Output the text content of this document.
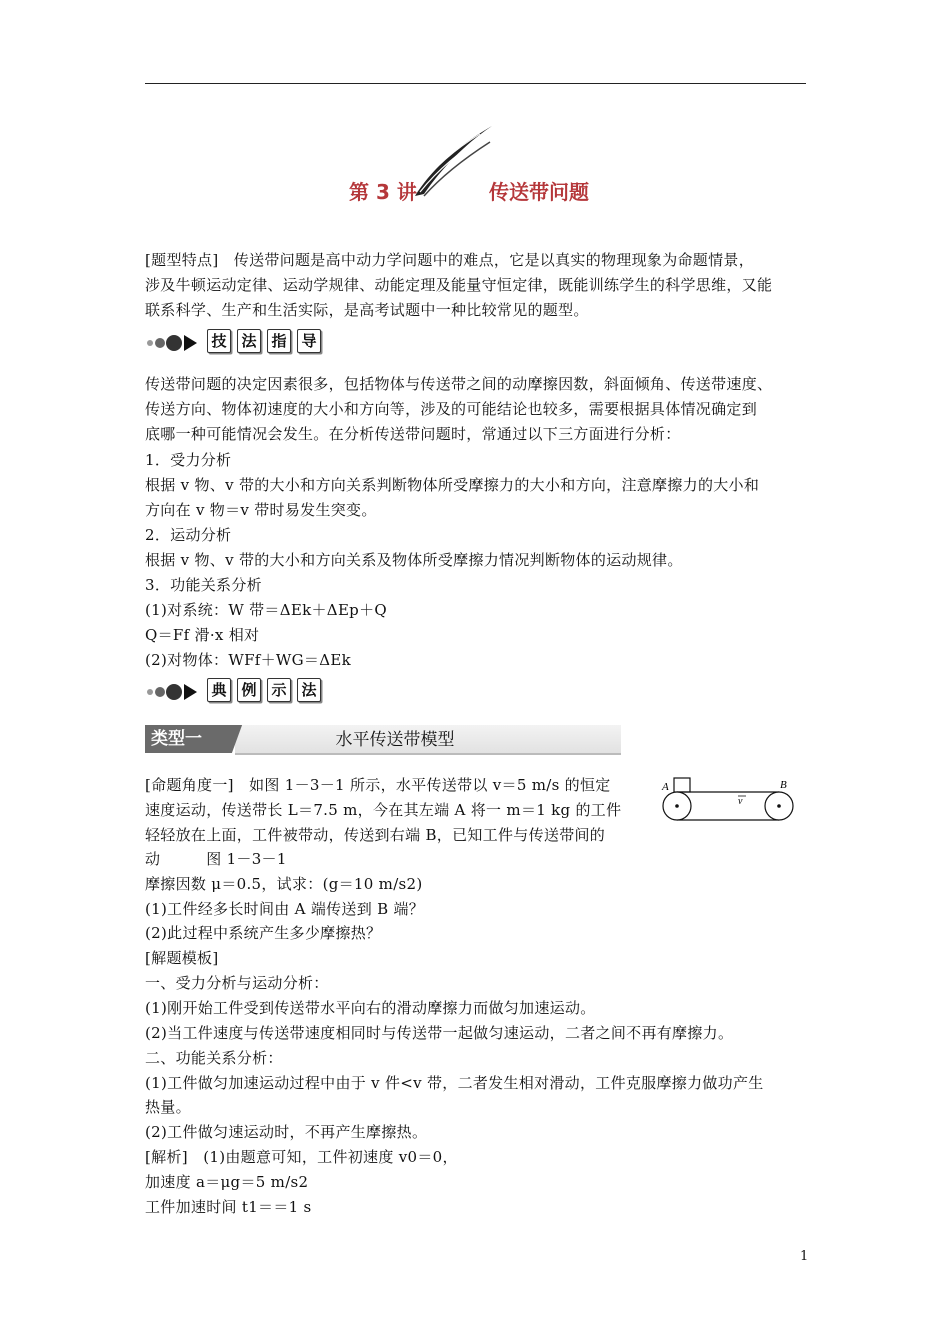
第 3 讲	传送带问题
[题型特点]　传送带问题是高中动力学问题中的难点，它是以真实的物理现象为命题情景，
涉及牛顿运动定律、运动学规律、动能定理及能量守恒定律，既能训练学生的科学思维，又能
联系科学、生产和生活实际，是高考试题中一种比较常见的题型。
技 法 指 导
传送带问题的决定因素很多，包括物体与传送带之间的动摩擦因数，斜面倾角、传送带速度、
传送方向、物体初速度的大小和方向等，涉及的可能结论也较多，需要根据具体情况确定到
底哪一种可能情况会发生。在分析传送带问题时，常通过以下三方面进行分析：
1．受力分析
根据 v 物、v 带的大小和方向关系判断物体所受摩擦力的大小和方向，注意摩擦力的大小和
方向在 v 物＝v 带时易发生突变。
2．运动分析
根据 v 物、v 带的大小和方向关系及物体所受摩擦力情况判断物体的运动规律。
3．功能关系分析
(1)对系统：W 带＝ΔEk＋ΔEp＋Q
Q＝Ff 滑·x 相对
(2)对物体：WFf＋WG＝ΔEk
典 例 示 法
类型一	水平传送带模型
A	B
v
[命题角度一]　如图 1－3－1 所示，水平传送带以 v＝5 m/s 的恒定
速度运动，传送带长 L＝7.5 m，今在其左端 A 将一 m＝1 kg 的工件
轻轻放在上面，工件被带动，传送到右端 B，已知工件与传送带间的
动　　　图 1－3－1
摩擦因数 μ＝0.5，试求：(g＝10 m/s2)
(1)工件经多长时间由 A 端传送到 B 端？
(2)此过程中系统产生多少摩擦热？
[解题模板]
一、受力分析与运动分析：
(1)刚开始工件受到传送带水平向右的滑动摩擦力而做匀加速运动。
(2)当工件速度与传送带速度相同时与传送带一起做匀速运动，二者之间不再有摩擦力。
二、功能关系分析：
(1)工件做匀加速运动过程中由于 v 件<v 带，二者发生相对滑动，工件克服摩擦力做功产生
热量。
(2)工件做匀速运动时，不再产生摩擦热。
[解析]　(1)由题意可知，工件初速度 v0＝0，
加速度 a＝μg＝5 m/s2
工件加速时间 t1＝＝1 s
1
